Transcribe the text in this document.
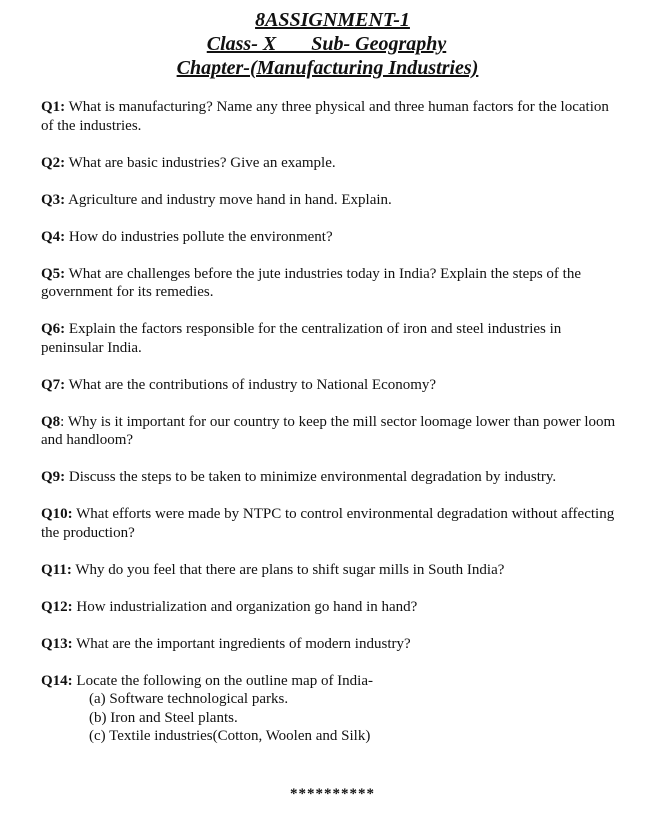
8ASSIGNMENT-1
Class- X       Sub- Geography
Chapter-(Manufacturing Industries)
Q1: What is manufacturing? Name any three physical and three human factors for the location of the industries.
Q2: What are basic industries? Give an example.
Q3: Agriculture and industry move hand in hand. Explain.
Q4: How do industries pollute the environment?
Q5: What are challenges before the jute industries today in India? Explain the steps of the government for its remedies.
Q6: Explain the factors responsible for the centralization of iron and steel industries in peninsular India.
Q7: What are the contributions of industry to National Economy?
Q8: Why is it important for our country to keep the mill sector loomage lower than power loom and handloom?
Q9: Discuss the steps to be taken to minimize environmental degradation by industry.
Q10: What efforts were made by NTPC to control environmental degradation without affecting the production?
Q11: Why do you feel that there are plans to shift sugar mills in South India?
Q12: How industrialization and organization go hand in hand?
Q13: What are the important ingredients of modern industry?
Q14: Locate the following on the outline map of India-
(a) Software technological parks.
(b) Iron and Steel plants.
(c) Textile industries(Cotton, Woolen and Silk)
**********
